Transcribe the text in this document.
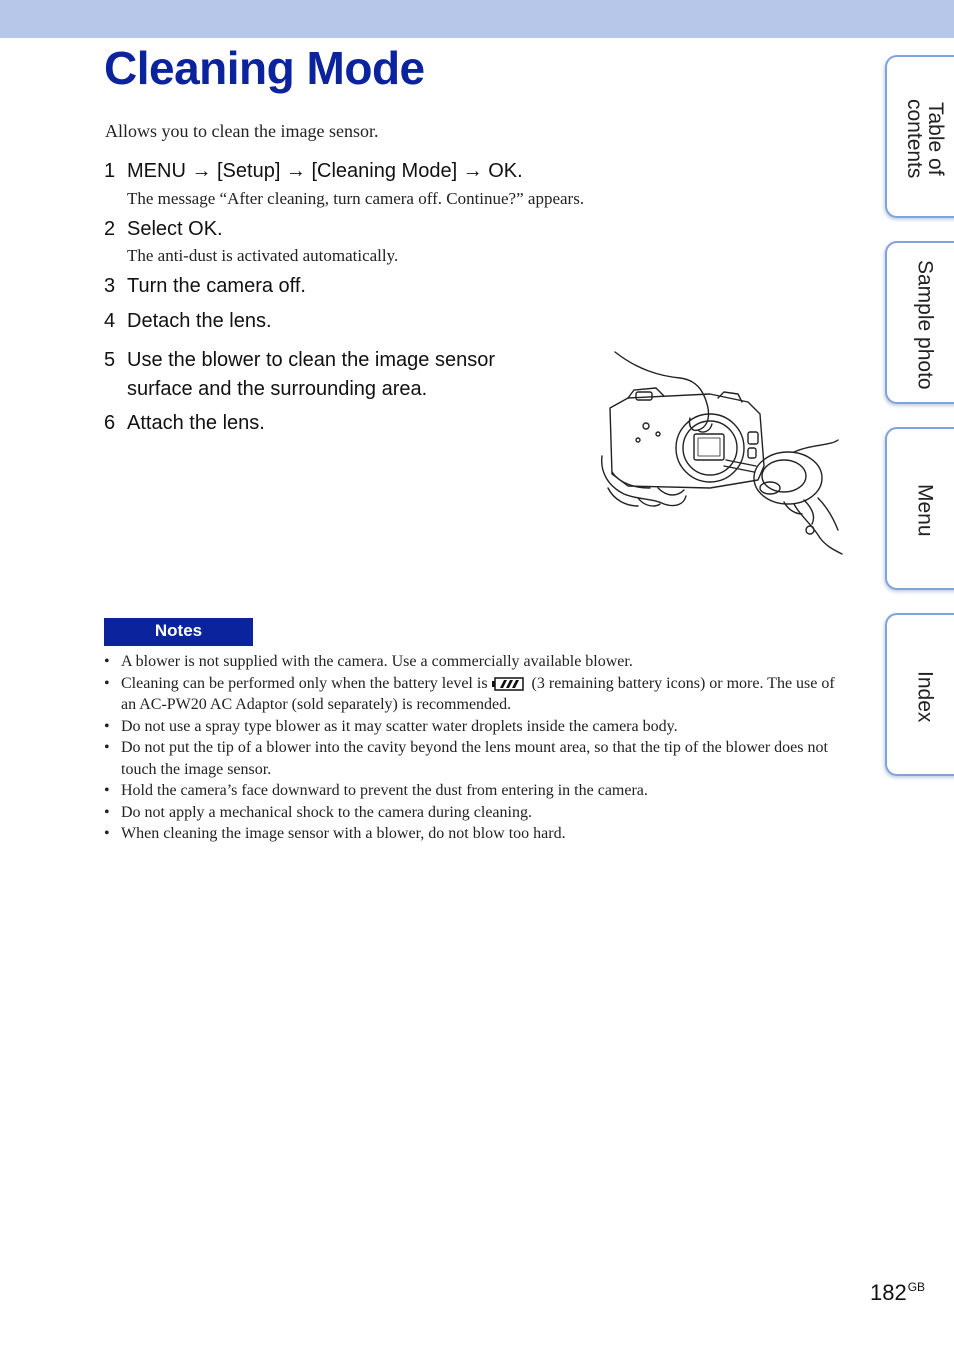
Cleaning Mode
Allows you to clean the image sensor.
1 MENU → [Setup] → [Cleaning Mode] → OK.
The message “After cleaning, turn camera off. Continue?” appears.
2 Select OK.
The anti-dust is activated automatically.
3 Turn the camera off.
4 Detach the lens.
5 Use the blower to clean the image sensor surface and the surrounding area.
6 Attach the lens.
Notes
• A blower is not supplied with the camera. Use a commercially available blower.
• Cleaning can be performed only when the battery level is	(3 remaining battery icons) or more. The use of an AC-PW20 AC Adaptor (sold separately) is recommended.
• Do not use a spray type blower as it may scatter water droplets inside the camera body.
• Do not put the tip of a blower into the cavity beyond the lens mount area, so that the tip of the blower does not touch the image sensor.
• Hold the camera’s face downward to prevent the dust from entering in the camera.
• Do not apply a mechanical shock to the camera during cleaning.
• When cleaning the image sensor with a blower, do not blow too hard.
Table of contents
Sample photo
Menu
Index
$182^{GB}$
